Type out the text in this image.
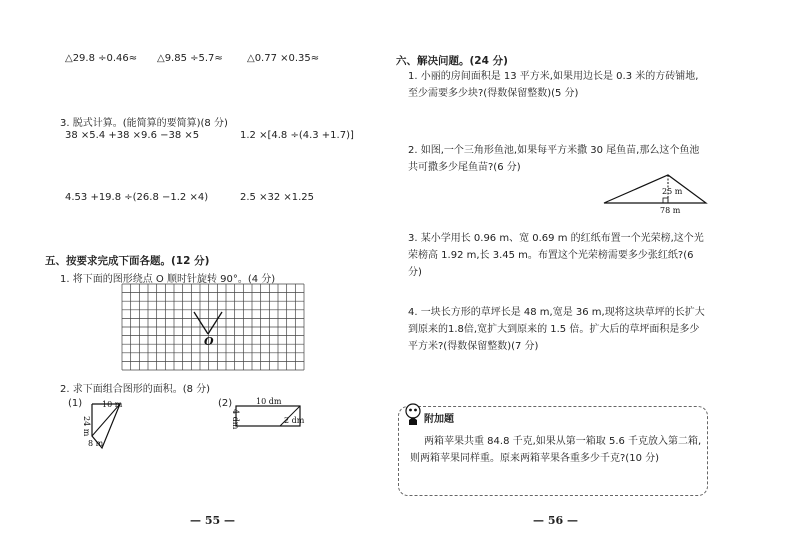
△29.8 ÷0.46≈ △9.85 ÷5.7≈ △0.77 ×0.35≈
3. 脱式计算。(能简算的要简算)(8 分)
38 ×5.4 +38 ×9.6 −38 ×5	1.2 ×[4.8 ÷(4.3 +1.7)]
4.53 +19.8 ÷(26.8 −1.2 ×4)	2.5 ×32 ×1.25
五、按要求完成下面各题。(12 分)
1. 将下面的图形绕点 O 顺时针旋转 90°。(4 分)
O
2. 求下面组合图形的面积。(8 分)
(1) 10 m
24 m
8 m
(2)	10 dm
4 dm	2 dm
— 55 —
六、解决问题。(24 分)
1. 小丽的房间面积是 13 平方米,如果用边长是 0.3 米的方砖铺地,至少需要多少块?(得数保留整数)(5 分)
2. 如图,一个三角形鱼池,如果每平方米撒 30 尾鱼苗,那么这个鱼池共可撒多少尾鱼苗?(6 分)
25 m
78 m
3. 某小学用长 0.96 m、宽 0.69 m 的红纸布置一个光荣榜,这个光荣榜高 1.92 m,长 3.45 m。布置这个光荣榜需要多少张红纸?(6 分)
4. 一块长方形的草坪长是 48 m,宽是 36 m,现将这块草坪的长扩大到原来的1.8倍,宽扩大到原来的 1.5 倍。扩大后的草坪面积是多少平方米?(得数保留整数)(7 分)
附加题
两箱苹果共重 84.8 千克,如果从第一箱取 5.6 千克放入第二箱,则两箱苹果同样重。原来两箱苹果各重多少千克?(10 分)
— 56 —
